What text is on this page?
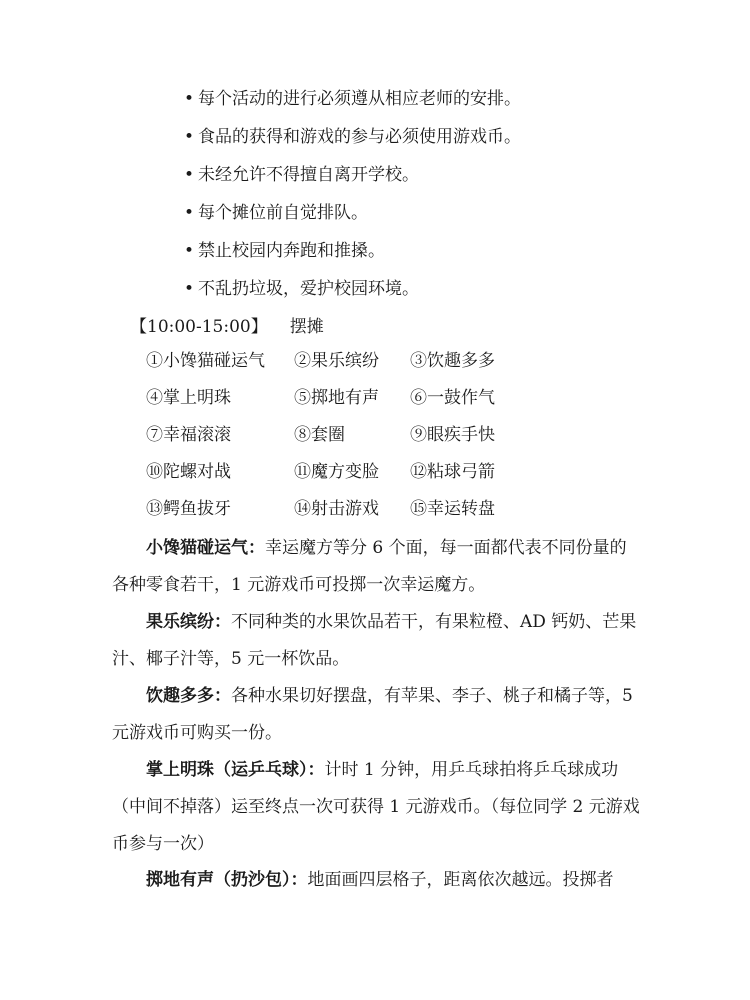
• 每个活动的进行必须遵从相应老师的安排。
• 食品的获得和游戏的参与必须使用游戏币。
• 未经允许不得擅自离开学校。
• 每个摊位前自觉排队。
• 禁止校园内奔跑和推搡。
• 不乱扔垃圾，爱护校园环境。
【10:00-15:00】 摆摊
①小馋猫碰运气	②果乐缤纷	③饮趣多多
④掌上明珠	⑤掷地有声	⑥一鼓作气
⑦幸福滚滚	⑧套圈	⑨眼疾手快
⑩陀螺对战	⑪魔方变脸	⑫粘球弓箭
⑬鳄鱼拔牙	⑭射击游戏	⑮幸运转盘

小馋猫碰运气：幸运魔方等分 6 个面，每一面都代表不同份量的各种零食若干，1 元游戏币可投掷一次幸运魔方。

果乐缤纷：不同种类的水果饮品若干，有果粒橙、AD 钙奶、芒果汁、椰子汁等，5 元一杯饮品。

饮趣多多：各种水果切好摆盘，有苹果、李子、桃子和橘子等，5 元游戏币可购买一份。

掌上明珠（运乒乓球）：计时 1 分钟，用乒乓球拍将乒乓球成功（中间不掉落）运至终点一次可获得 1 元游戏币。（每位同学 2 元游戏币参与一次）

掷地有声（扔沙包）：地面画四层格子，距离依次越远。投掷者
